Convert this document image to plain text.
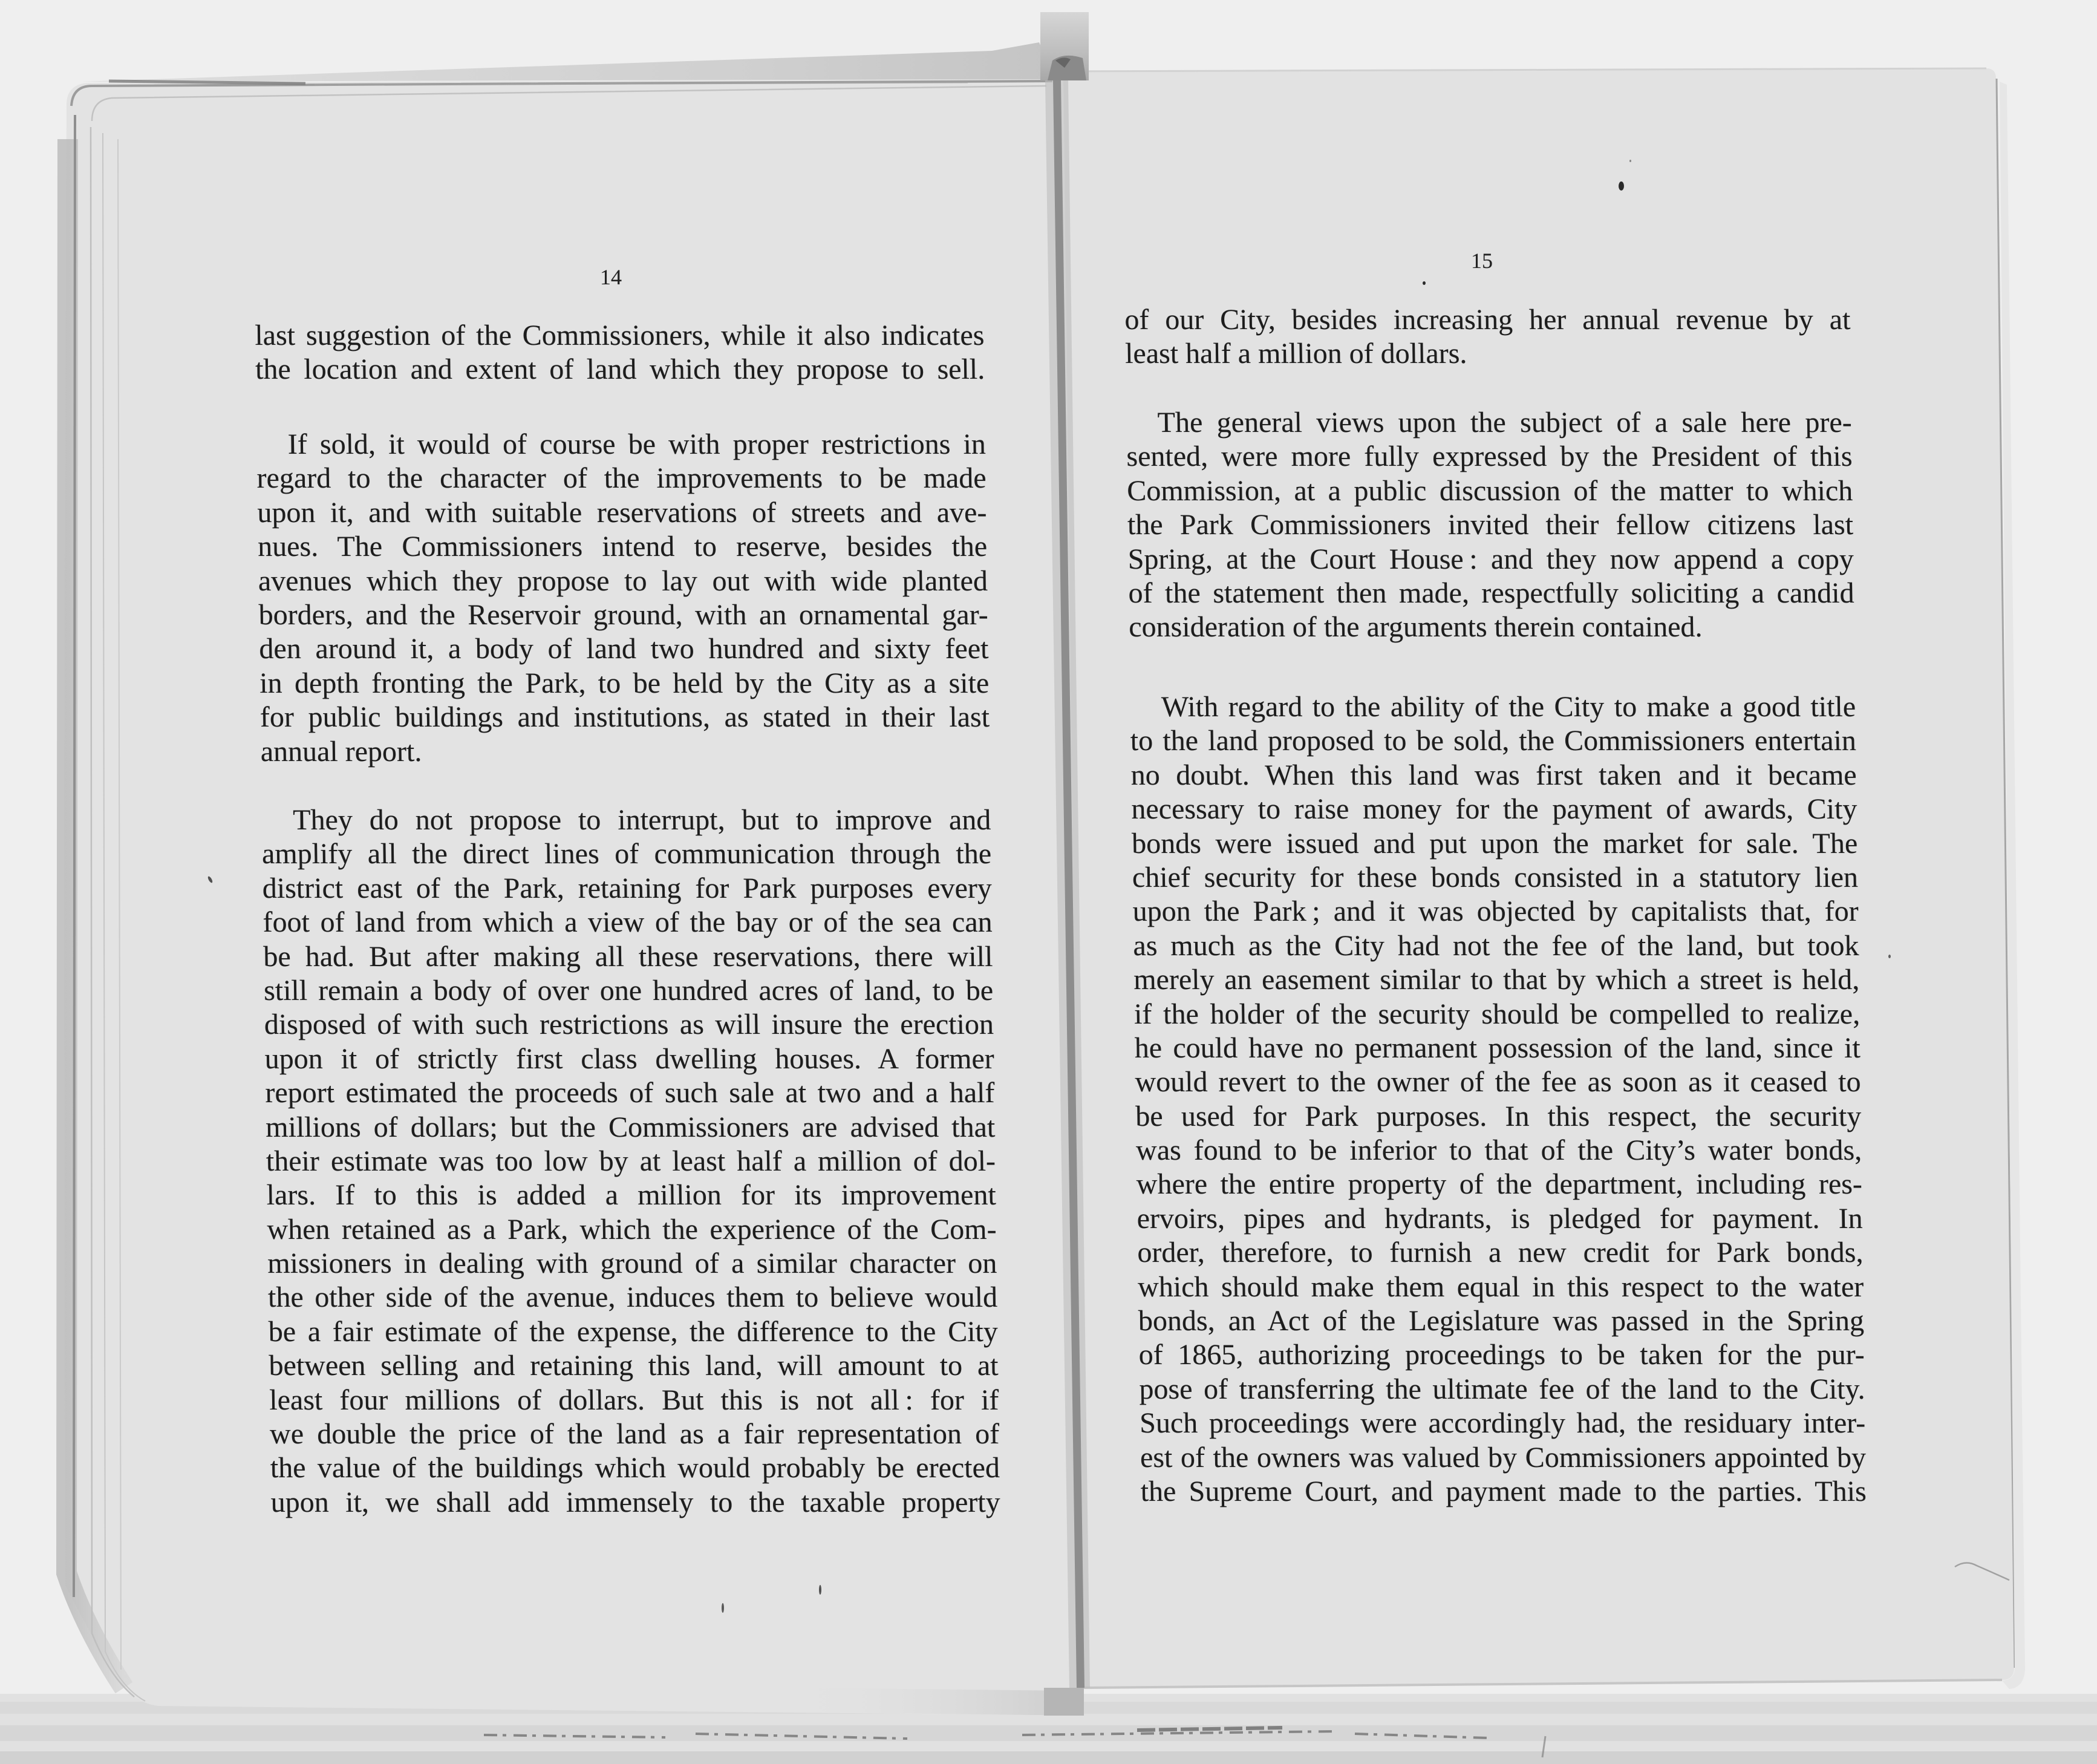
14
15
last suggestion of the Commissioners, while it also indicates
the location and extent of land which they propose to sell.
If sold, it would of course be with proper restrictions in
regard to the character of the improvements to be made
upon it, and with suitable reservations of streets and ave-
nues. The Commissioners intend to reserve, besides the
avenues which they propose to lay out with wide planted
borders, and the Reservoir ground, with an ornamental gar-
den around it, a body of land two hundred and sixty feet
in depth fronting the Park, to be held by the City as a site
for public buildings and institutions, as stated in their last
annual report.
They do not propose to interrupt, but to improve and
amplify all the direct lines of communication through the
district east of the Park, retaining for Park purposes every
foot of land from which a view of the bay or of the sea can
be had. But after making all these reservations, there will
still remain a body of over one hundred acres of land, to be
disposed of with such restrictions as will insure the erection
upon it of strictly first class dwelling houses. A former
report estimated the proceeds of such sale at two and a half
millions of dollars; but the Commissioners are advised that
their estimate was too low by at least half a million of dol-
lars. If to this is added a million for its improvement
when retained as a Park, which the experience of the Com-
missioners in dealing with ground of a similar character on
the other side of the avenue, induces them to believe would
be a fair estimate of the expense, the difference to the City
between selling and retaining this land, will amount to at
least four millions of dollars. But this is not all : for if
we double the price of the land as a fair representation of
the value of the buildings which would probably be erected
upon it, we shall add immensely to the taxable property
of our City, besides increasing her annual revenue by at
least half a million of dollars.
The general views upon the subject of a sale here pre-
sented, were more fully expressed by the President of this
Commission, at a public discussion of the matter to which
the Park Commissioners invited their fellow citizens last
Spring, at the Court House : and they now append a copy
of the statement then made, respectfully soliciting a candid
consideration of the arguments therein contained.
With regard to the ability of the City to make a good title
to the land proposed to be sold, the Commissioners entertain
no doubt. When this land was first taken and it became
necessary to raise money for the payment of awards, City
bonds were issued and put upon the market for sale. The
chief security for these bonds consisted in a statutory lien
upon the Park ; and it was objected by capitalists that, for
as much as the City had not the fee of the land, but took
merely an easement similar to that by which a street is held,
if the holder of the security should be compelled to realize,
he could have no permanent possession of the land, since it
would revert to the owner of the fee as soon as it ceased to
be used for Park purposes. In this respect, the security
was found to be inferior to that of the City’s water bonds,
where the entire property of the department, including res-
ervoirs, pipes and hydrants, is pledged for payment. In
order, therefore, to furnish a new credit for Park bonds,
which should make them equal in this respect to the water
bonds, an Act of the Legislature was passed in the Spring
of 1865, authorizing proceedings to be taken for the pur-
pose of transferring the ultimate fee of the land to the City.
Such proceedings were accordingly had, the residuary inter-
est of the owners was valued by Commissioners appointed by
the Supreme Court, and payment made to the parties. This
